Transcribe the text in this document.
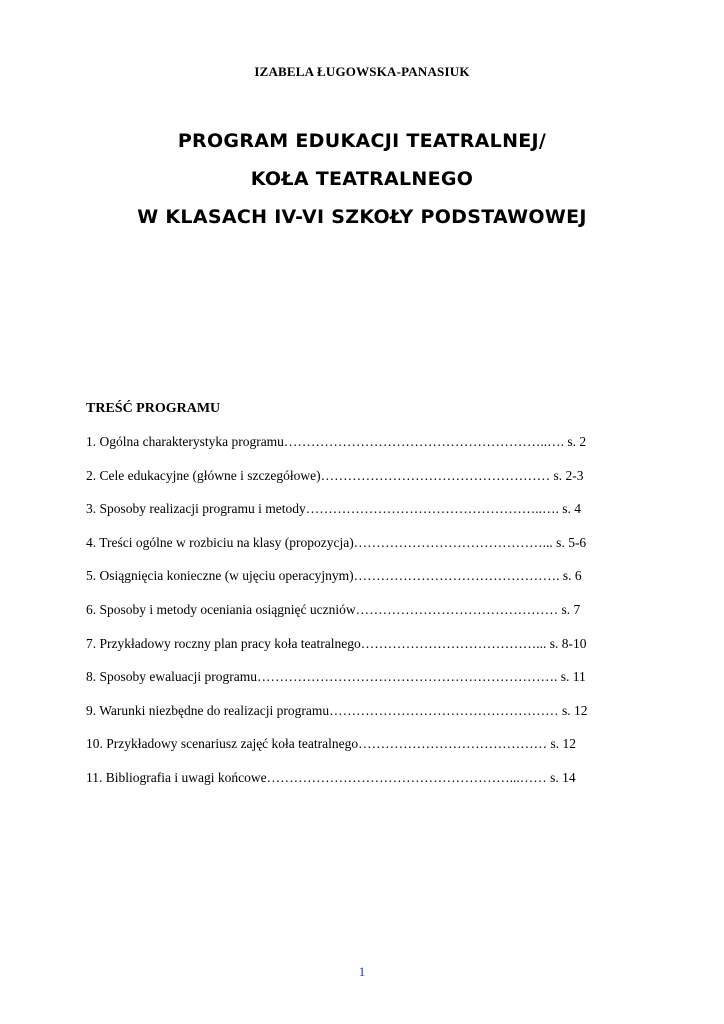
IZABELA ŁUGOWSKA-PANASIUK
PROGRAM EDUKACJI TEATRALNEJ/
KOŁA TEATRALNEGO
W KLASACH IV-VI SZKOŁY PODSTAWOWEJ
TREŚĆ PROGRAMU
1. Ogólna charakterystyka programu…………………………………………………..…. s. 2
2. Cele edukacyjne (główne i szczegółowe)…………………………………………… s. 2-3
3. Sposoby realizacji programu i metody……………………………………………..…. s. 4
4. Treści ogólne w rozbiciu na klasy (propozycja)……………………………………... s. 5-6
5. Osiągnięcia konieczne (w ujęciu operacyjnym)………………………………………. s. 6
6. Sposoby i metody oceniania osiągnięć uczniów……………………………………… s. 7
7. Przykładowy roczny plan pracy koła teatralnego…………………………………... s. 8-10
8. Sposoby ewaluacji programu…………………………………………………………. s. 11
9. Warunki niezbędne do realizacji programu…………………………………………… s. 12
10. Przykładowy scenariusz zajęć koła teatralnego…………………………………… s. 12
11. Bibliografia i uwagi końcowe………………………………………………...…… s. 14
1
